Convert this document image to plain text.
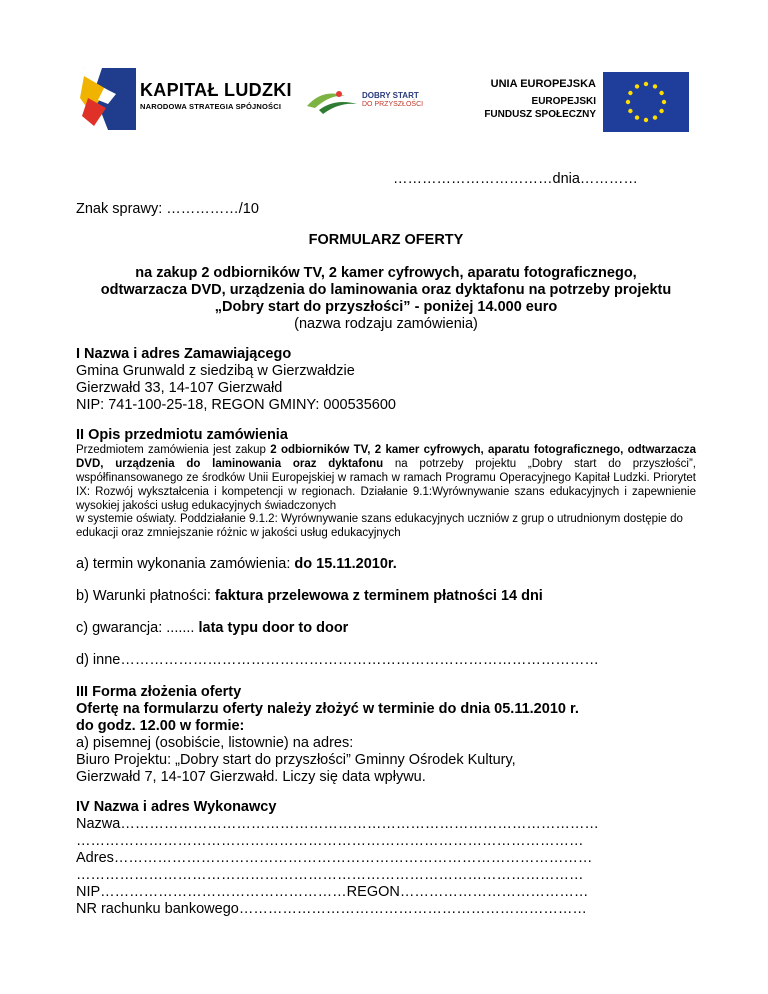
KAPITAŁ LUDZKI
NARODOWA STRATEGIA SPÓJNOŚCI
DOBRY START
DO PRZYSZŁOŚCI
UNIA EUROPEJSKA
EUROPEJSKI
FUNDUSZ SPOŁECZNY
……………………………dnia…………
Znak sprawy: ……………/10
FORMULARZ OFERTY
na zakup 2 odbiorników TV, 2 kamer cyfrowych, aparatu fotograficznego,
odtwarzacza DVD, urządzenia do laminowania oraz dyktafonu na potrzeby projektu
„Dobry start do przyszłości” - poniżej 14.000 euro
(nazwa rodzaju zamówienia)
I Nazwa i adres Zamawiającego
Gmina Grunwald z siedzibą w Gierzwałdzie
Gierzwałd 33, 14-107 Gierzwałd
NIP: 741-100-25-18, REGON GMINY: 000535600
II Opis przedmiotu zamówienia
Przedmiotem zamówienia jest zakup 2 odbiorników TV, 2 kamer cyfrowych, aparatu fotograficznego, odtwarzacza DVD, urządzenia do laminowania oraz dyktafonu na potrzeby projektu „Dobry start do przyszłości”, współfinansowanego ze środków Unii Europejskiej w ramach w ramach Programu Operacyjnego Kapitał Ludzki. Priorytet IX: Rozwój wykształcenia i kompetencji w regionach. Działanie 9.1:Wyrównywanie szans edukacyjnych i zapewnienie wysokiej jakości usług edukacyjnych świadczonych
w systemie oświaty. Poddziałanie 9.1.2: Wyrównywanie szans edukacyjnych uczniów z grup o utrudnionym dostępie do edukacji oraz zmniejszanie różnic w jakości usług edukacyjnych
a) termin wykonania zamówienia: do 15.11.2010r.
b) Warunki płatności: faktura przelewowa z terminem płatności 14 dni
c) gwarancja: ....... lata typu door to door
d) inne………………………………………………………………………………………
III Forma złożenia oferty
Ofertę na formularzu oferty należy złożyć w terminie do dnia 05.11.2010 r.
do godz. 12.00 w formie:
a) pisemnej (osobiście, listownie) na adres:
Biuro Projektu: „Dobry start do przyszłości” Gminny Ośrodek Kultury,
Gierzwałd 7, 14-107 Gierzwałd. Liczy się data wpływu.
IV Nazwa i adres Wykonawcy
Nazwa………………………………………………………………………………………
……………………………………………………………………………………………
Adres………………………………………………………………………………………
……………………………………………………………………………………………
NIP……………………………………………REGON…………………………………
NR rachunku bankowego………………………………………………………………
